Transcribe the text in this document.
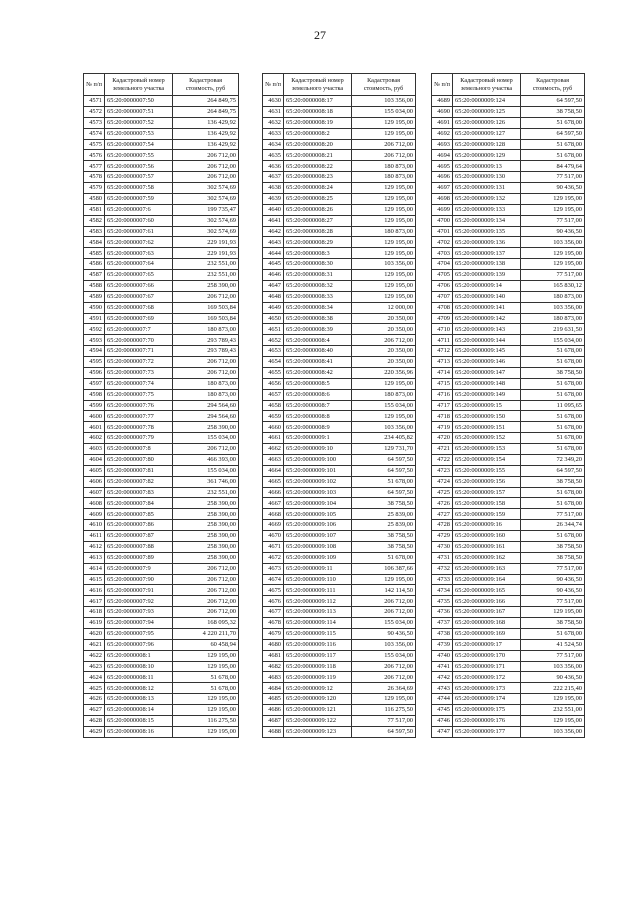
27
№ п/п	Кадастровый номер земельного участка	Кадастровая стоимость, руб
4571	65:20:0000007:50	264 849,75
4572	65:20:0000007:51	264 849,75
4573	65:20:0000007:52	136 429,92
4574	65:20:0000007:53	136 429,92
4575	65:20:0000007:54	136 429,92
4576	65:20:0000007:55	206 712,00
4577	65:20:0000007:56	206 712,00
4578	65:20:0000007:57	206 712,00
4579	65:20:0000007:58	302 574,69
4580	65:20:0000007:59	302 574,69
4581	65:20:0000007:6	199 735,47
4582	65:20:0000007:60	302 574,69
4583	65:20:0000007:61	302 574,69
4584	65:20:0000007:62	229 191,93
4585	65:20:0000007:63	229 191,93
4586	65:20:0000007:64	232 551,00
4587	65:20:0000007:65	232 551,00
4588	65:20:0000007:66	258 390,00
4589	65:20:0000007:67	206 712,00
4590	65:20:0000007:68	169 503,84
4591	65:20:0000007:69	169 503,84
4592	65:20:0000007:7	180 873,00
4593	65:20:0000007:70	293 789,43
4594	65:20:0000007:71	293 789,43
4595	65:20:0000007:72	206 712,00
4596	65:20:0000007:73	206 712,00
4597	65:20:0000007:74	180 873,00
4598	65:20:0000007:75	180 873,00
4599	65:20:0000007:76	294 564,60
4600	65:20:0000007:77	294 564,60
4601	65:20:0000007:78	258 390,00
4602	65:20:0000007:79	155 034,00
4603	65:20:0000007:8	206 712,00
4604	65:20:0000007:80	466 393,00
4605	65:20:0000007:81	155 034,00
4606	65:20:0000007:82	361 746,00
4607	65:20:0000007:83	232 551,00
4608	65:20:0000007:84	258 390,00
4609	65:20:0000007:85	258 390,00
4610	65:20:0000007:86	258 390,00
4611	65:20:0000007:87	258 390,00
4612	65:20:0000007:88	258 390,00
4613	65:20:0000007:89	258 390,00
4614	65:20:0000007:9	206 712,00
4615	65:20:0000007:90	206 712,00
4616	65:20:0000007:91	206 712,00
4617	65:20:0000007:92	206 712,00
4618	65:20:0000007:93	206 712,00
4619	65:20:0000007:94	168 095,32
4620	65:20:0000007:95	4 220 211,70
4621	65:20:0000007:96	60 458,94
4622	65:20:0000008:1	129 195,00
4623	65:20:0000008:10	129 195,00
4624	65:20:0000008:11	51 678,00
4625	65:20:0000008:12	51 678,00
4626	65:20:0000008:13	129 195,00
4627	65:20:0000008:14	129 195,00
4628	65:20:0000008:15	116 275,50
4629	65:20:0000008:16	129 195,00
№ п/п	Кадастровый номер земельного участка	Кадастровая стоимость, руб
4630	65:20:0000008:17	103 356,00
4631	65:20:0000008:18	155 034,00
4632	65:20:0000008:19	129 195,00
4633	65:20:0000008:2	129 195,00
4634	65:20:0000008:20	206 712,00
4635	65:20:0000008:21	206 712,00
4636	65:20:0000008:22	180 873,00
4637	65:20:0000008:23	180 873,00
4638	65:20:0000008:24	129 195,00
4639	65:20:0000008:25	129 195,00
4640	65:20:0000008:26	129 195,00
4641	65:20:0000008:27	129 195,00
4642	65:20:0000008:28	180 873,00
4643	65:20:0000008:29	129 195,00
4644	65:20:0000008:3	129 195,00
4645	65:20:0000008:30	103 356,00
4646	65:20:0000008:31	129 195,00
4647	65:20:0000008:32	129 195,00
4648	65:20:0000008:33	129 195,00
4649	65:20:0000008:34	12 000,00
4650	65:20:0000008:38	20 350,00
4651	65:20:0000008:39	20 350,00
4652	65:20:0000008:4	206 712,00
4653	65:20:0000008:40	20 350,00
4654	65:20:0000008:41	20 350,00
4655	65:20:0000008:42	220 356,96
4656	65:20:0000008:5	129 195,00
4657	65:20:0000008:6	180 873,00
4658	65:20:0000008:7	155 034,00
4659	65:20:0000008:8	129 195,00
4660	65:20:0000008:9	103 356,00
4661	65:20:0000009:1	234 405,82
4662	65:20:0000009:10	129 731,70
4663	65:20:0000009:100	64 597,50
4664	65:20:0000009:101	64 597,50
4665	65:20:0000009:102	51 678,00
4666	65:20:0000009:103	64 597,50
4667	65:20:0000009:104	38 758,50
4668	65:20:0000009:105	25 839,00
4669	65:20:0000009:106	25 839,00
4670	65:20:0000009:107	38 758,50
4671	65:20:0000009:108	38 758,50
4672	65:20:0000009:109	51 678,00
4673	65:20:0000009:11	106 387,66
4674	65:20:0000009:110	129 195,00
4675	65:20:0000009:111	142 114,50
4676	65:20:0000009:112	206 712,00
4677	65:20:0000009:113	206 712,00
4678	65:20:0000009:114	155 034,00
4679	65:20:0000009:115	90 436,50
4680	65:20:0000009:116	103 356,00
4681	65:20:0000009:117	155 034,00
4682	65:20:0000009:118	206 712,00
4683	65:20:0000009:119	206 712,00
4684	65:20:0000009:12	26 364,69
4685	65:20:0000009:120	129 195,00
4686	65:20:0000009:121	116 275,50
4687	65:20:0000009:122	77 517,00
4688	65:20:0000009:123	64 597,50
№ п/п	Кадастровый номер земельного участка	Кадастровая стоимость, руб
4689	65:20:0000009:124	64 597,50
4690	65:20:0000009:125	38 758,50
4691	65:20:0000009:126	51 678,00
4692	65:20:0000009:127	64 597,50
4693	65:20:0000009:128	51 678,00
4694	65:20:0000009:129	51 678,00
4695	65:20:0000009:13	84 479,64
4696	65:20:0000009:130	77 517,00
4697	65:20:0000009:131	90 436,50
4698	65:20:0000009:132	129 195,00
4699	65:20:0000009:133	129 195,00
4700	65:20:0000009:134	77 517,00
4701	65:20:0000009:135	90 436,50
4702	65:20:0000009:136	103 356,00
4703	65:20:0000009:137	129 195,00
4704	65:20:0000009:138	129 195,00
4705	65:20:0000009:139	77 517,00
4706	65:20:0000009:14	165 830,12
4707	65:20:0000009:140	180 873,00
4708	65:20:0000009:141	103 356,00
4709	65:20:0000009:142	180 873,00
4710	65:20:0000009:143	219 631,50
4711	65:20:0000009:144	155 034,00
4712	65:20:0000009:145	51 678,00
4713	65:20:0000009:146	51 678,00
4714	65:20:0000009:147	38 758,50
4715	65:20:0000009:148	51 678,00
4716	65:20:0000009:149	51 678,00
4717	65:20:0000009:15	11 095,65
4718	65:20:0000009:150	51 678,00
4719	65:20:0000009:151	51 678,00
4720	65:20:0000009:152	51 678,00
4721	65:20:0000009:153	51 678,00
4722	65:20:0000009:154	72 349,20
4723	65:20:0000009:155	64 597,50
4724	65:20:0000009:156	38 758,50
4725	65:20:0000009:157	51 678,00
4726	65:20:0000009:158	51 678,00
4727	65:20:0000009:159	77 517,00
4728	65:20:0000009:16	26 344,74
4729	65:20:0000009:160	51 678,00
4730	65:20:0000009:161	38 758,50
4731	65:20:0000009:162	38 758,50
4732	65:20:0000009:163	77 517,00
4733	65:20:0000009:164	90 436,50
4734	65:20:0000009:165	90 436,50
4735	65:20:0000009:166	77 517,00
4736	65:20:0000009:167	129 195,00
4737	65:20:0000009:168	38 758,50
4738	65:20:0000009:169	51 678,00
4739	65:20:0000009:17	41 524,50
4740	65:20:0000009:170	77 517,00
4741	65:20:0000009:171	103 356,00
4742	65:20:0000009:172	90 436,50
4743	65:20:0000009:173	222 215,40
4744	65:20:0000009:174	129 195,00
4745	65:20:0000009:175	232 551,00
4746	65:20:0000009:176	129 195,00
4747	65:20:0000009:177	103 356,00
